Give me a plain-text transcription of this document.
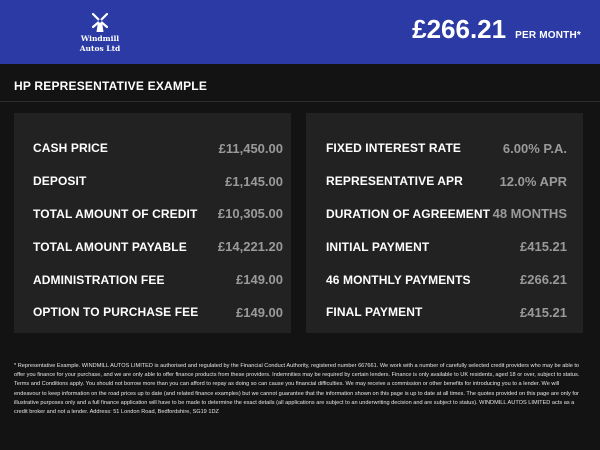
Windmill
Autos Ltd
£266.21 PER MONTH*
HP REPRESENTATIVE EXAMPLE
CASH PRICE	£11,450.00
DEPOSIT	£1,145.00
TOTAL AMOUNT OF CREDIT £10,305.00
TOTAL AMOUNT PAYABLE £14,221.20
ADMINISTRATION FEE	£149.00
OPTION TO PURCHASE FEE	£149.00
FIXED INTEREST RATE	6.00% P.A.
REPRESENTATIVE APR	12.0% APR
DURATION OF AGREEMENT 48 MONTHS
INITIAL PAYMENT	£415.21
46 MONTHLY PAYMENTS	£266.21
FINAL PAYMENT	£415.21
* Representative Example. WINDMILL AUTOS LIMITED is authorised and regulated by the Financial Conduct Authority, registered number 667661. We work with a number of carefully selected credit providers who may be able to offer you finance for your purchase, and we are only able to offer finance products from these providers. Indemnities may be required by certain lenders. Finance is only available to UK residents, aged 18 or over, subject to status. Terms and Conditions apply. You should not borrow more than you can afford to repay as doing so can cause you financial difficulties. We may receive a commission or other benefits for introducing you to a lender. We will endeavour to keep information on the road prices up to date (and related finance examples) but we cannot guarantee that the information shown on this page is up to date at all times. The quotes provided on this page are only for illustrative purposes only and a full finance application will have to be made to determine the exact details (all applications are subject to an underwriting decision and are subject to status). WINDMILL AUTOS LIMITED acts as a credit broker and not a lender. Address: 51 London Road, Bedfordshire, SG19 1DZ
